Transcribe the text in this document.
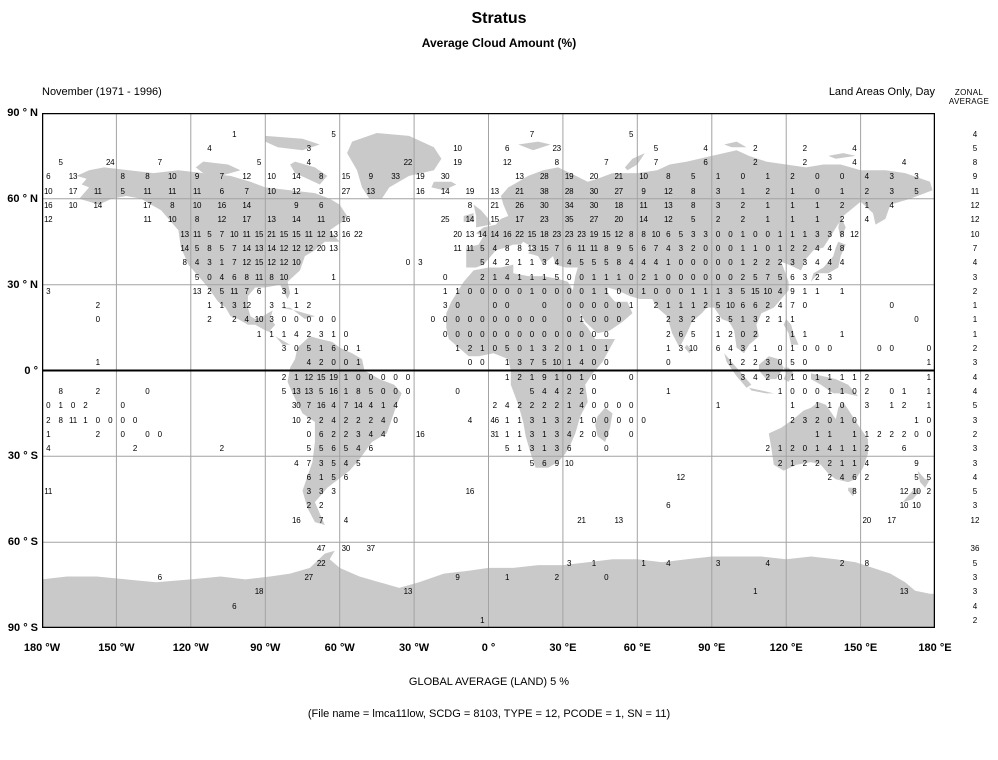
Stratus
Average Cloud Amount (%)
November (1971 - 1996)	Land Areas Only, Day	ZONAL
AVERAGE
1	5	7	5
4	3	10	6	23	5	4	2	2	4
5	24	7	5	4	22	19	12	8	7	7	6	2	2	4	4
6 13	8	8 10 9	7 12 10 14 8 15 9 33 19 30	13 28 19 20 21 10 8	5	1	0	1	2	0	0	4	3	3
10 17 11 5 11 11 11 6	7 10 12 3 27 13	16 14 19 13 21 38 28 30 27 9 12 8	3	1	2	1	0	1	2	3	5
16 10 14	17 8 10 16 14	9	6	8 21 26 30 34 30 18 11 13 8	3	2	1	1	1	2	1	4
12	11 10 8 12 17 13 14 11 16	25 14 15 17 23 35 27 20 14 12 5	2	2	1	1	1	2	4
13 11 5 7 10 11 15 21 15 15 11 12 13 16 22	20 13 14 14 16 22 15 18 23 23 23 19 15 12 8 8 10 6 5 3 3 0 0 1 0 0 1 1 1 3 3 8 12
14 5 8 5 7 14 13 14 12 12 12 20 13	11 11 5 4 8 8 13 15 7 6 11 11 8 9 5 6 7 4 3 2 0 0 0 1 1 0 1 2 2 4 4 8
8 4 3 1 7 12 15 12 12 10	0 3	5 4 2 1 1 3 4 4 5 5 5 8 4 4 4 1 0 0 0 0 0 1 2 2 2 3 3 4 4 4
5 0 4 6 8 11 8 10	1	0	2 1 4 1 1 1 5 0 0 1 1 1 0 2 1 0 0 0 0 0 0 2 5 7 5 6 3 2 3
3	13 2 5 11 7 6	3 1	1 1 0 0 0 0 0 1 0 0 0 0 1 1 0 0 1 0 0 0 1 1 1 3 5 15 10 4 9 1 1	1
2	1 1 3 12 3 1 1 2	3 0	0 0	0	0 0 0 0 0 1	2 1 1 1 2 5 10 6 6 2 4 7 0	0
0	2	2 4 10 3 0 0 0 0 0	0 0 0 0 0 0 0 0 0 0	0 1 0 0 0	2 3 2	3 5 1 3 2 1 1	0
1 1 1 4 2 3 1 0	0 0 0 0 0 0 0 0 0 0 0 0 0 0	2 6 5	1 2 0 2	1 1	1
3 0 5 1 6 0 1	1 2 1 0 5 0 1 3 2 0 1 0 1	1 3 10 6 4 3 1	0 1 0 0 0	0 0	0
1	4 2 0 0 1	0 0	1 3 7 5 10 1 4 0 0	0	1 2 2 3 0 5 0	1
2 1 12 15 19 1 0 0 0 0 0	1 2 1 9 1 0 1 0	0	3 4 2 0 1 0 1 1 1 1 2	1
8	2	0	5 13 13 5 16 1 8 5 0 0 0	0	5 4 4 2 2 0	1	1 0 0 0 1 1 0 2	0 1	1
0 1 0 2	0	30 7 16 4 7 14 4 1 4	2 4 2 2 2 2 1 4 0 0 0 0	1	1	1 1 0	3	1 2	1
2 8 11 1 0 0 0 0	10 2 2 4 2 2 2 4 0	4 46 1 1 3 1 3 2 1 0 0 0 0 0	2 3 2 0 1 0	1 0
1	2	0	0 0	0 6 2 2 3 4 4	16	31 1 1 3 1 3 4 2 0 0	0	1 1	1 1 2 2 2 0 0
4	2	2	5 5 6 5 4 6	5 1 3 1 3 6	0	2 1 2 0 1 4 1 1 2	6
4 7 3 5 4 5	5 6 9 10	2 1 2 2 2 1 1 4	9
6 1 5 6	12	2 4 6 2	5 5
11	3 3 3	16	8	12 10 2
2 2	6	10 10
16 7	4	21	13	20 17
47 30 37
22	3	1	1	4	3	4	2	8
6	27	9	1	2	0
18	13	1	13
6
1
90 ° N
60 ° N
30 ° N
0 °
30 ° S
60 ° S
90 ° S
180 °W	150 °W	120 °W	90 °W	60 °W	30 °W	0 °	30 °E	60 °E	90 °E	120 °E	150 °E	180 °E
4
5
8
9
11
12
12
10
7
4
3
2
1
1
1
2
3
4
4
5
3
2
3
3
4
5
3
12
36
5
3
3
4
2
GLOBAL AVERAGE (LAND) 5 %
(File name = lmca11low, SCDG = 8103, TYPE = 12, PCODE = 1, SN = 11)
